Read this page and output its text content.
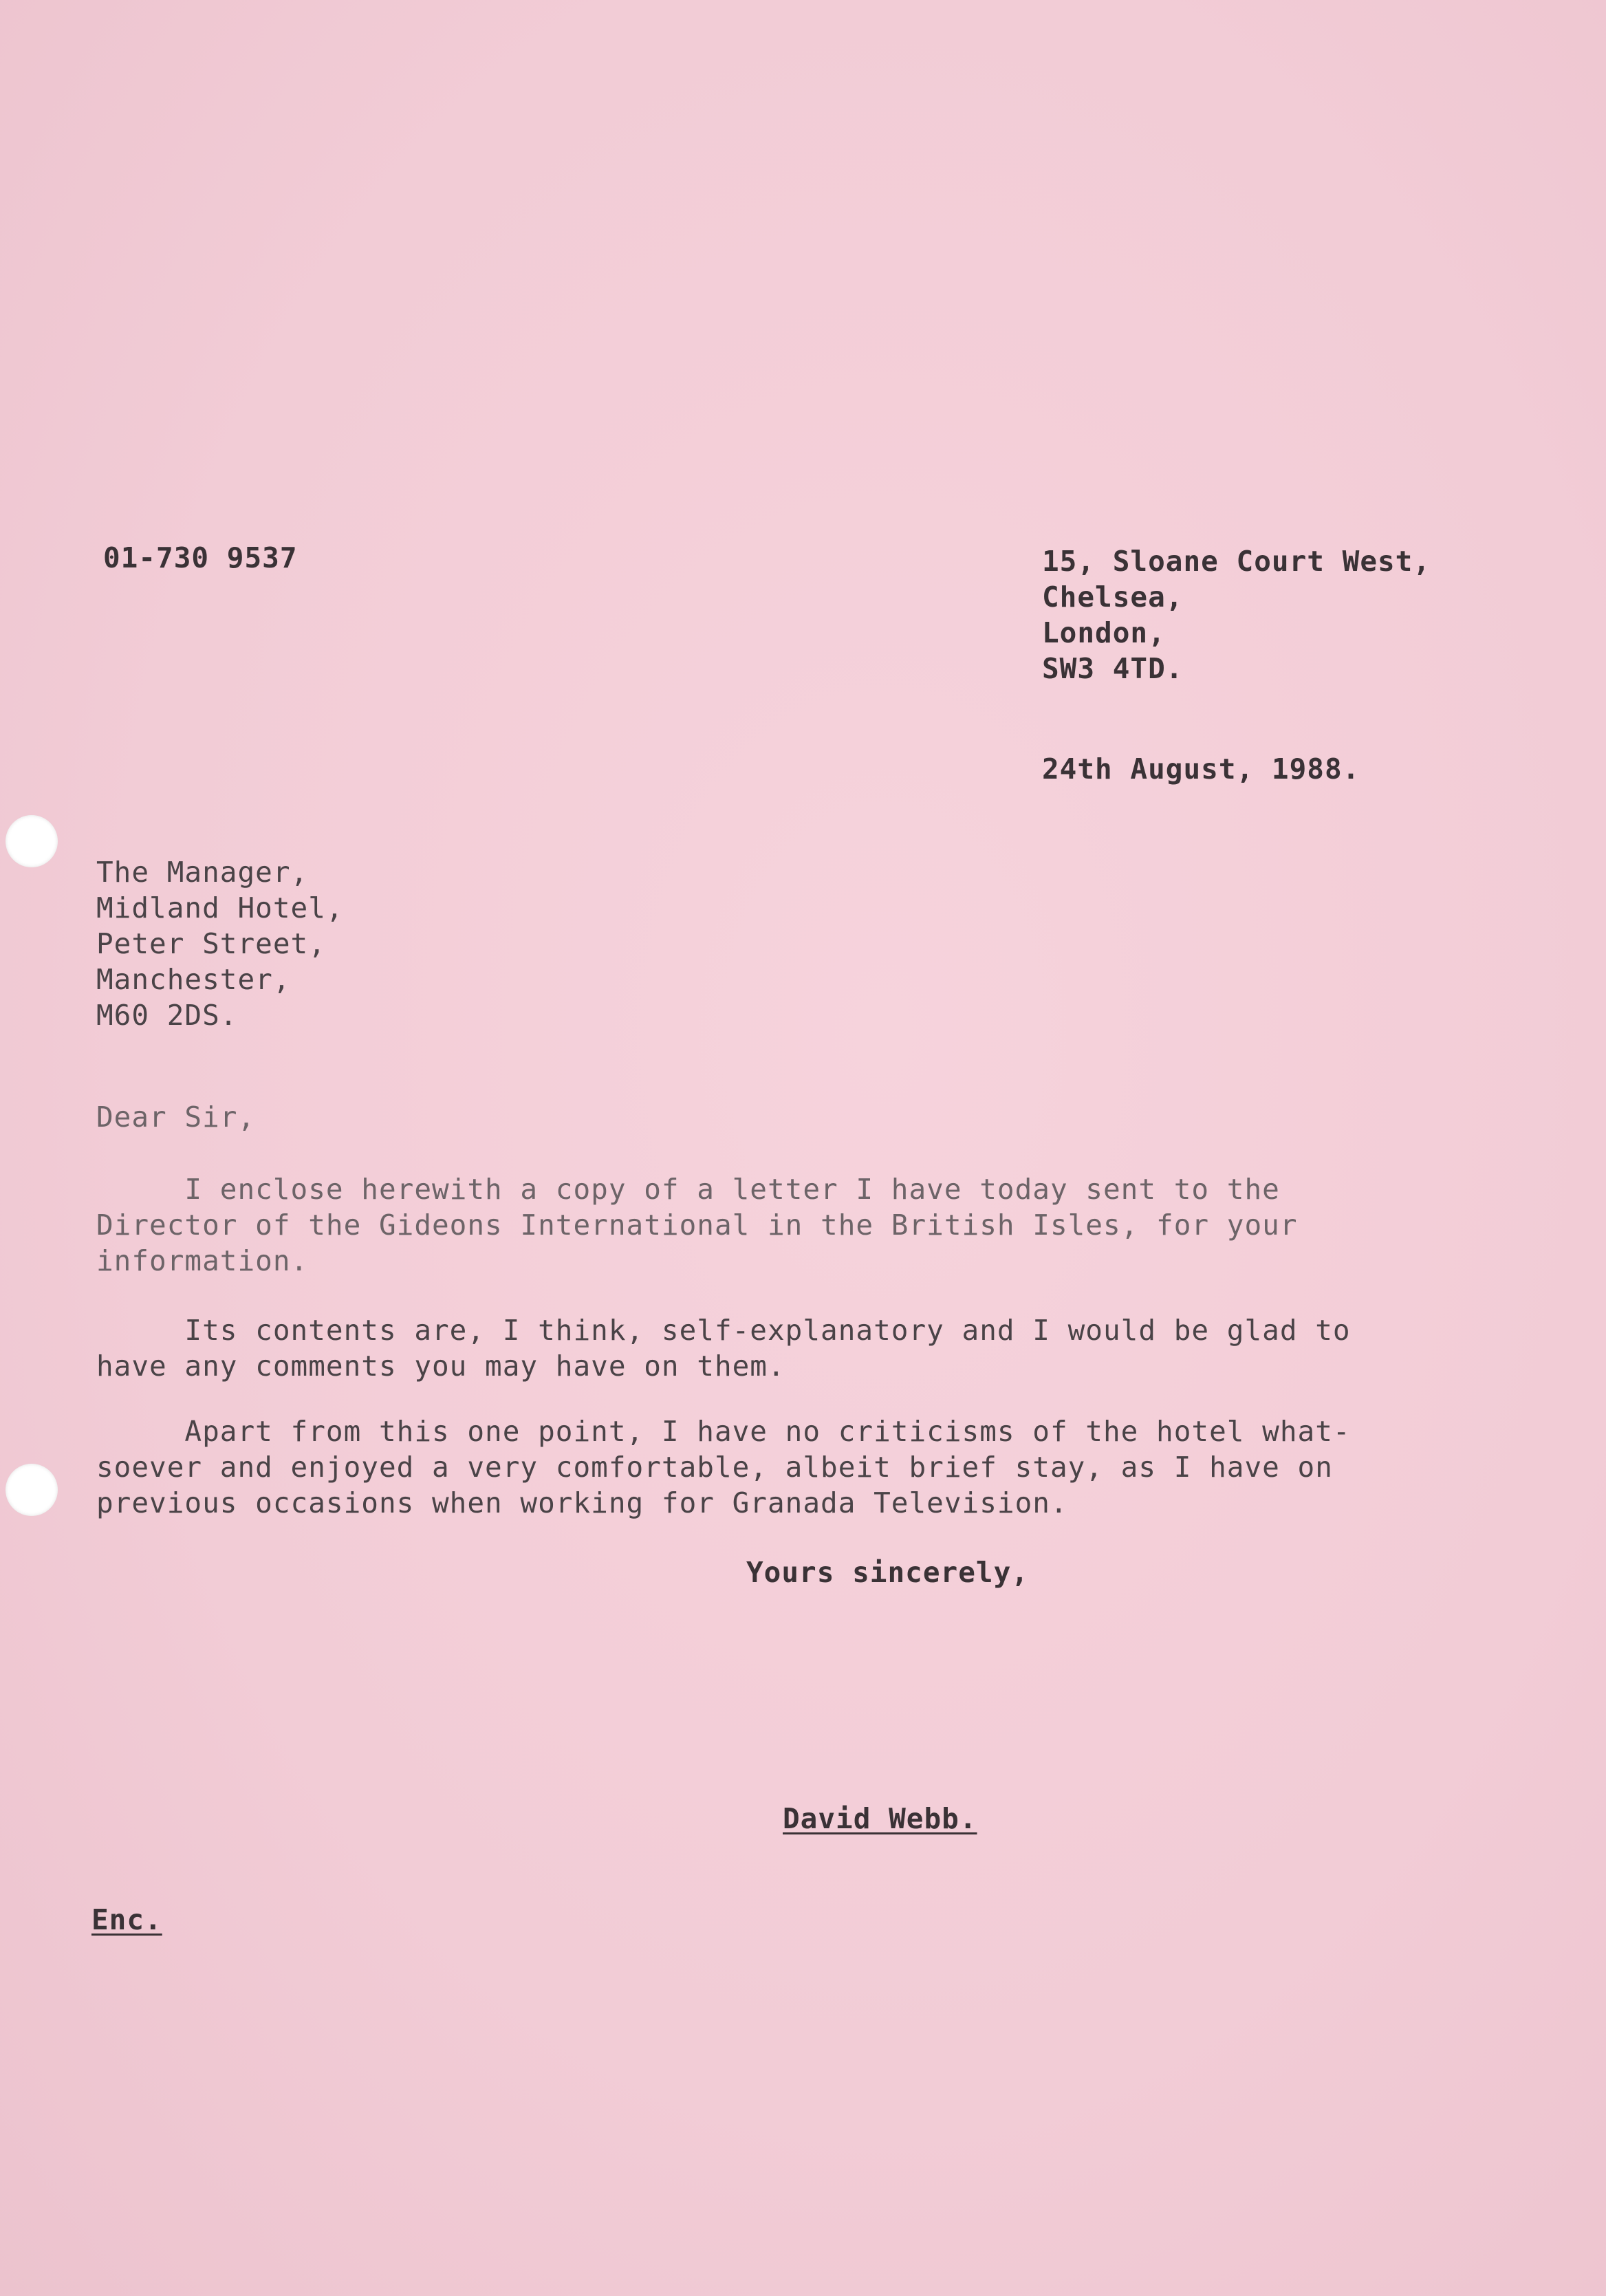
01-730 9537	15, Sloane Court West,
Chelsea,
London,
SW3 4TD.
24th August, 1988.
The Manager,
Midland Hotel,
Peter Street,
Manchester,
M60 2DS.
Dear Sir,
I enclose herewith a copy of a letter I have today sent to the
Director of the Gideons International in the British Isles, for your
information.
Its contents are, I think, self-explanatory and I would be glad to
have any comments you may have on them.
Apart from this one point, I have no criticisms of the hotel what-
soever and enjoyed a very comfortable, albeit brief stay, as I have on
previous occasions when working for Granada Television.
Yours sincerely,
David Webb.
Enc.
